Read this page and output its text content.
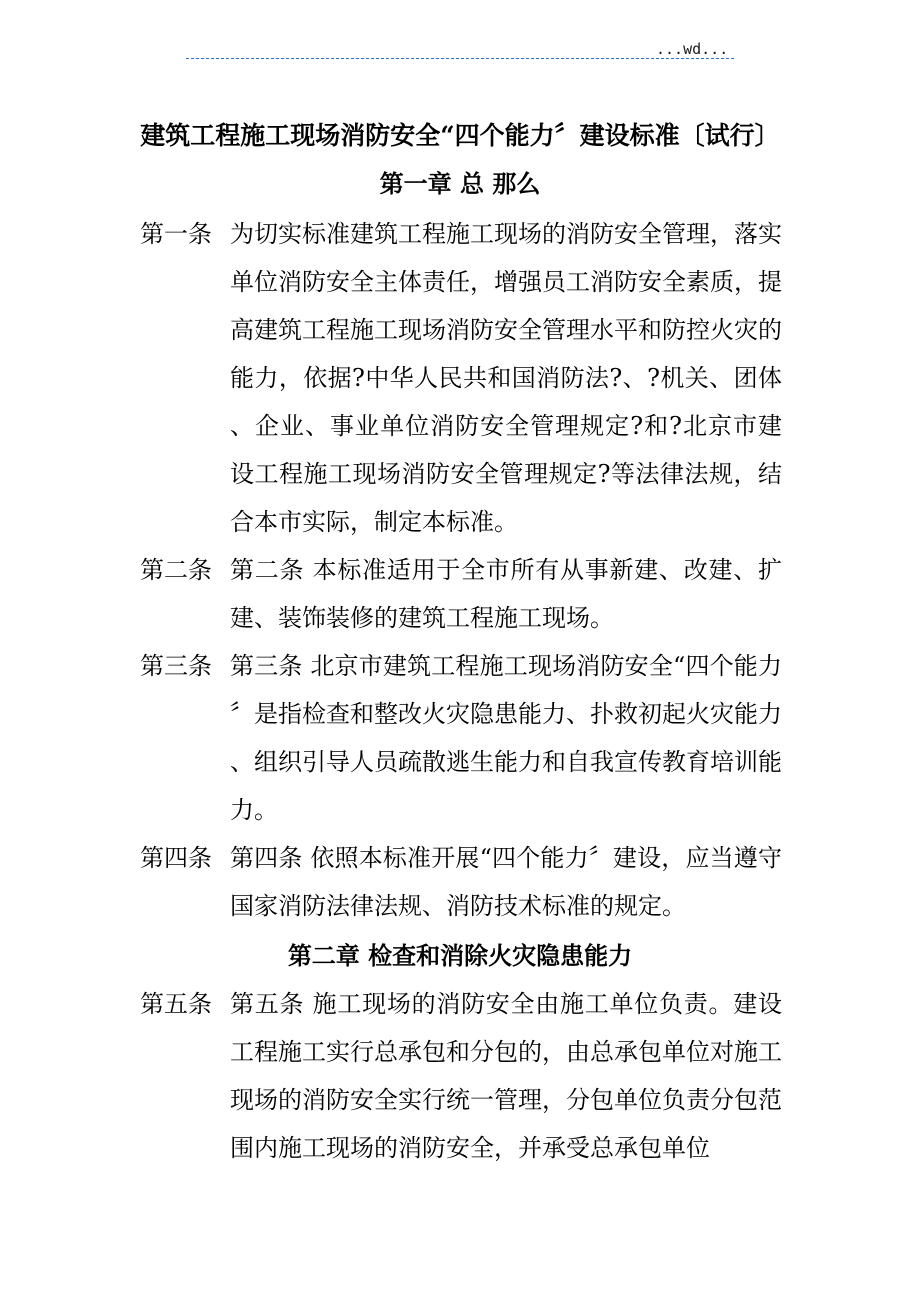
...wd...
建筑工程施工现场消防安全“四个能力〞建设标准〔试行〕
第一章 总 那么
第一条 为切实标准建筑工程施工现场的消防安全管理，落实单位消防安全主体责任，增强员工消防安全素质，提高建筑工程施工现场消防安全管理水平和防控火灾的能力，依据?中华人民共和国消防法?、?机关、团体、企业、事业单位消防安全管理规定?和?北京市建设工程施工现场消防安全管理规定?等法律法规，结合本市实际，制定本标准。
第二条 第二条 本标准适用于全市所有从事新建、改建、扩建、装饰装修的建筑工程施工现场。
第三条 第三条 北京市建筑工程施工现场消防安全“四个能力〞是指检查和整改火灾隐患能力、扑救初起火灾能力、组织引导人员疏散逃生能力和自我宣传教育培训能力。
第四条 第四条 依照本标准开展“四个能力〞建设，应当遵守国家消防法律法规、消防技术标准的规定。
第二章 检查和消除火灾隐患能力
第五条 第五条 施工现场的消防安全由施工单位负责。建设工程施工实行总承包和分包的，由总承包单位对施工现场的消防安全实行统一管理，分包单位负责分包范围内施工现场的消防安全，并承受总承包单位
